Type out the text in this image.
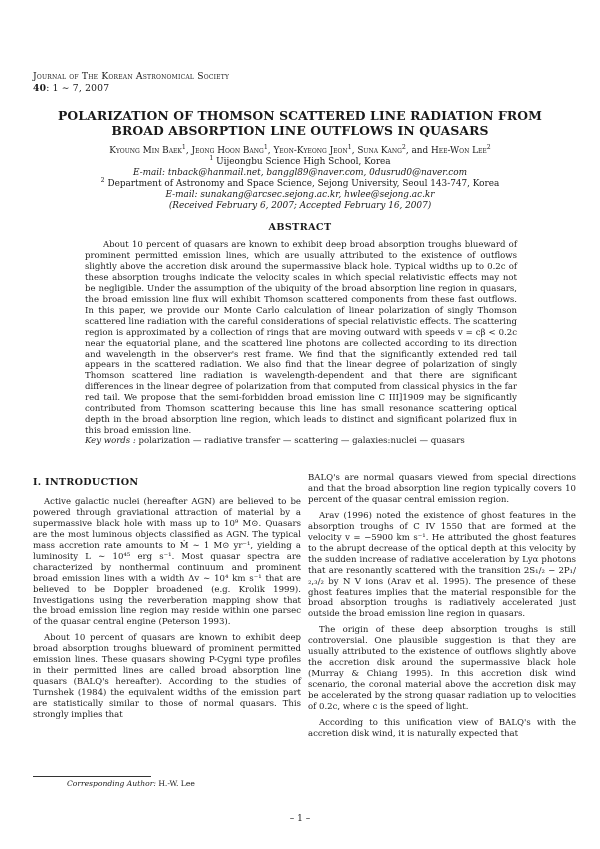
Journal of The Korean Astronomical Society
40: 1 ∼ 7, 2007
POLARIZATION OF THOMSON SCATTERED LINE RADIATION FROM
BROAD ABSORPTION LINE OUTFLOWS IN QUASARS
Kyoung Min Baek$^1$, Jeong Hoon Bang$^1$, Yeon-Kyeong Jeon$^1$, Suna Kang$^2$, and Hee-Won Lee$^2$
$^1$ Uijeongbu Science High School, Korea
E-mail: tnback@hanmail.net, banggl89@naver.com, 0dusrud0@naver.com
$^2$ Department of Astronomy and Space Science, Sejong University, Seoul 143-747, Korea
E-mail: sunakang@arcsec.sejong.ac.kr, hwlee@sejong.ac.kr
(Received February 6, 2007; Accepted February 16, 2007)
ABSTRACT
About 10 percent of quasars are known to exhibit deep broad absorption troughs blueward of prominent permitted emission lines, which are usually attributed to the existence of outflows slightly above the accretion disk around the supermassive black hole. Typical widths up to 0.2c of these absorption troughs indicate the velocity scales in which special relativistic effects may not be negligible. Under the assumption of the ubiquity of the broad absorption line region in quasars, the broad emission line flux will exhibit Thomson scattered components from these fast outflows. In this paper, we provide our Monte Carlo calculation of linear polarization of singly Thomson scattered line radiation with the careful considerations of special relativistic effects. The scattering region is approximated by a collection of rings that are moving outward with speeds v = cβ < 0.2c near the equatorial plane, and the scattered line photons are collected according to its direction and wavelength in the observer's rest frame. We find that the significantly extended red tail appears in the scattered radiation. We also find that the linear degree of polarization of singly Thomson scattered line radiation is wavelength-dependent and that there are significant differences in the linear degree of polarization from that computed from classical physics in the far red tail. We propose that the semi-forbidden broad emission line C III]1909 may be significantly contributed from Thomson scattering because this line has small resonance scattering optical depth in the broad absorption line region, which leads to distinct and significant polarized flux in this broad emission line.
Key words : polarization — radiative transfer — scattering — galaxies:nuclei — quasars
I. INTRODUCTION

Active galactic nuclei (hereafter AGN) are believed to be powered through graviational attraction of material by a supermassive black hole with mass up to 10⁹ M⊙. Quasars are the most luminous objects classified as AGN. The typical mass accretion rate amounts to Ṁ ∼ 1 M⊙ yr⁻¹, yielding a luminosity L ∼ 10⁴⁵ erg s⁻¹. Most quasar spectra are characterized by nonthermal continuum and prominent broad emission lines with a width Δv ∼ 10⁴ km s⁻¹ that are believed to be Doppler broadened (e.g. Krolik 1999). Investigations using the reverberation mapping show that the broad emission line region may reside within one parsec of the quasar central engine (Peterson 1993).

About 10 percent of quasars are known to exhibit deep broad absorption troughs blueward of prominent permitted emission lines. These quasars showing P-Cygni type profiles in their permitted lines are called broad absorption line quasars (BALQ's hereafter). According to the studies of Turnshek (1984) the equivalent widths of the emission part are statistically similar to those of normal quasars. This strongly implies that

BALQ's are normal quasars viewed from special directions and that the broad absorption line region typically covers 10 percent of the quasar central emission region.

Arav (1996) noted the existence of ghost features in the absorption troughs of C IV 1550 that are formed at the velocity v = −5900 km s⁻¹. He attributed the ghost features to the abrupt decrease of the optical depth at this velocity by the sudden increase of radiative acceleration by Lyα photons that are resonantly scattered with the transition 2S₁/₂ − 2P₁/₂,₃/₂ by N V ions (Arav et al. 1995). The presence of these ghost features implies that the material responsible for the broad absorption troughs is radiatively accelerated just outside the broad emission line region in quasars.

The origin of these deep absorption troughs is still controversial. One plausible suggestion is that they are usually attributed to the existence of outflows slightly above the accretion disk around the supermassive black hole (Murray & Chiang 1995). In this accretion disk wind scenario, the coronal material above the accretion disk may be accelerated by the strong quasar radiation up to velocities of 0.2c, where c is the speed of light.

According to this unification view of BALQ's with the accretion disk wind, it is naturally expected that

Corresponding Author: H.-W. Lee
– 1 –
